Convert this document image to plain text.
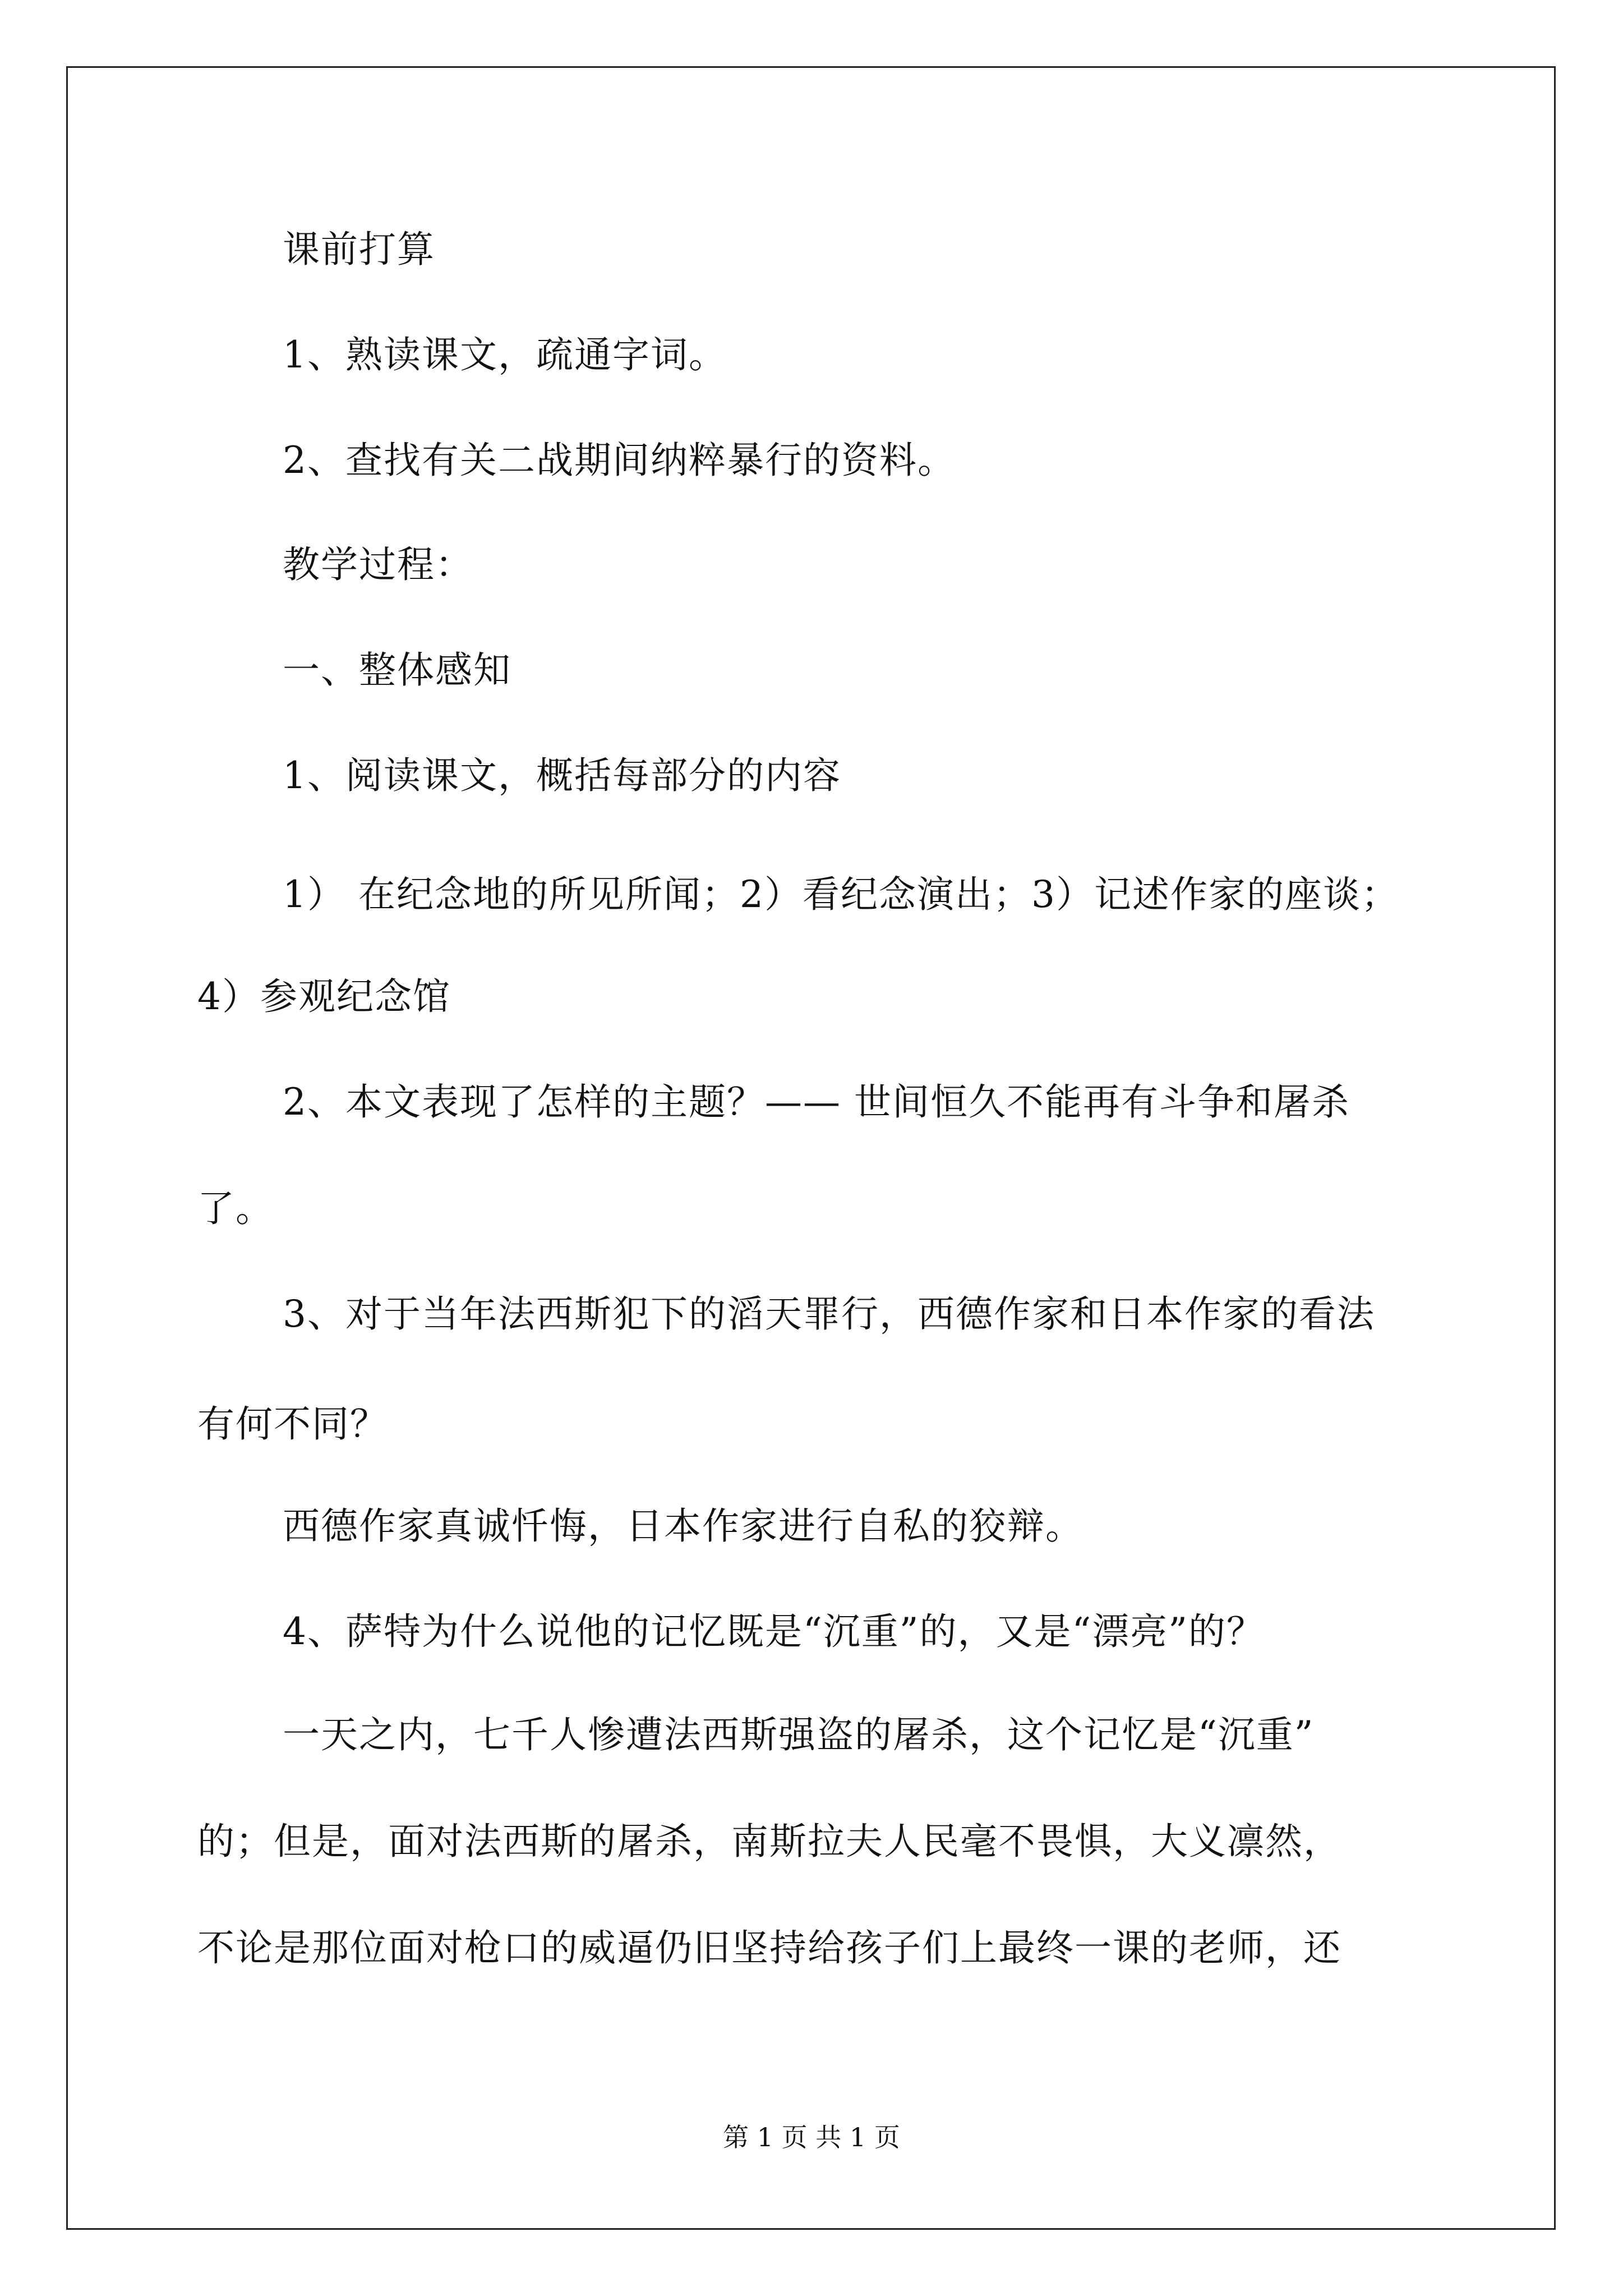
课前打算
1、熟读课文，疏通字词。
2、查找有关二战期间纳粹暴行的资料。
教学过程：
一、整体感知
1、阅读课文，概括每部分的内容
1） 在纪念地的所见所闻；2）看纪念演出；3）记述作家的座谈；
4）参观纪念馆
2、本文表现了怎样的主题？—— 世间恒久不能再有斗争和屠杀
了。
3、对于当年法西斯犯下的滔天罪行，西德作家和日本作家的看法
有何不同？
西德作家真诚忏悔，日本作家进行自私的狡辩。
4、萨特为什么说他的记忆既是“沉重”的，又是“漂亮”的？
一天之内，七千人惨遭法西斯强盗的屠杀，这个记忆是“沉重”
的；但是，面对法西斯的屠杀，南斯拉夫人民毫不畏惧，大义凛然，
不论是那位面对枪口的威逼仍旧坚持给孩子们上最终一课的老师，还
第 1 页 共 1 页
